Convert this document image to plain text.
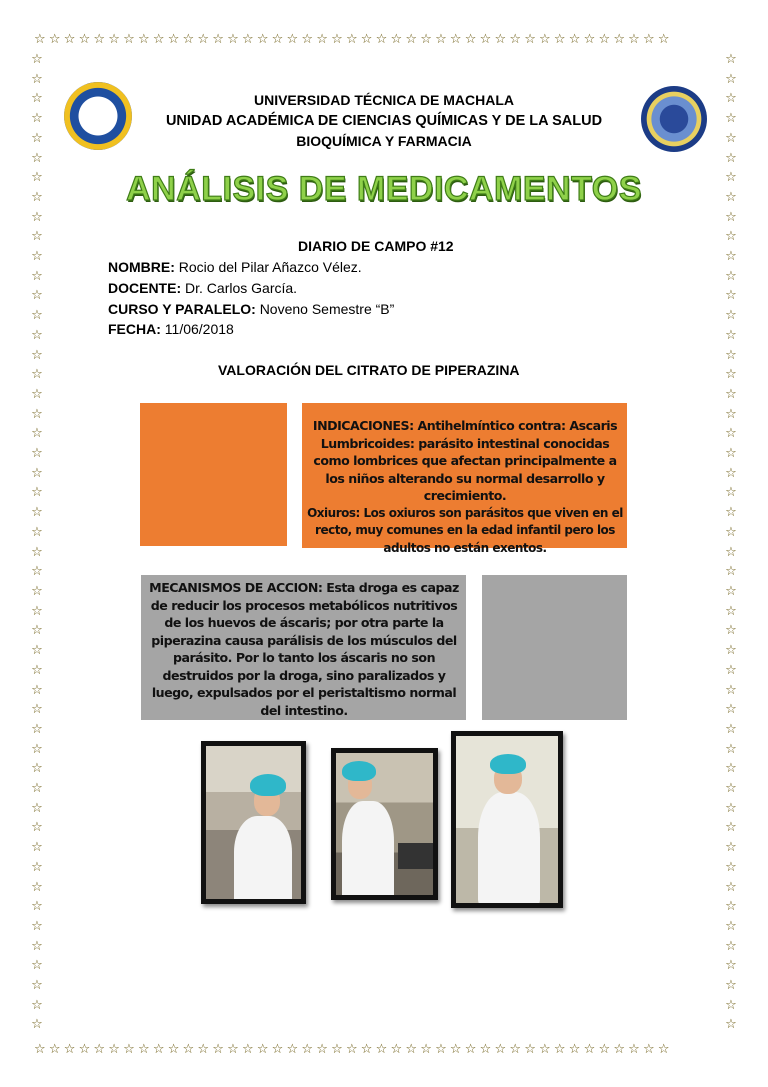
☆☆☆☆☆☆☆☆☆☆☆☆☆☆☆☆☆☆☆☆☆☆☆☆☆☆☆☆☆☆☆☆☆☆☆☆☆☆☆☆☆☆☆
☆☆☆☆☆☆☆☆☆☆☆☆☆☆☆☆☆☆☆☆☆☆☆☆☆☆☆☆☆☆☆☆☆☆☆☆☆☆☆☆☆☆☆
☆
☆
☆
☆
☆
☆
☆
☆
☆
☆
☆
☆
☆
☆
☆
☆
☆
☆
☆
☆
☆
☆
☆
☆
☆
☆
☆
☆
☆
☆
☆
☆
☆
☆
☆
☆
☆
☆
☆
☆
☆
☆
☆
☆
☆
☆
☆
☆
☆
☆
☆
☆
☆
☆
☆
☆
☆
☆
☆
☆
☆
☆
☆
☆
☆
☆
☆
☆
☆
☆
☆
☆
☆
☆
☆
☆
☆
☆
☆
☆
☆
☆
☆
☆
☆
☆
☆
☆
☆
☆
☆
☆
☆
☆
☆
☆
☆
☆
☆
☆
UNIVERSIDAD TÉCNICA DE MACHALA
UNIDAD ACADÉMICA DE CIENCIAS QUÍMICAS Y DE LA SALUD
BIOQUÍMICA Y FARMACIA
ANÁLISIS DE MEDICAMENTOS
DIARIO DE CAMPO #12
NOMBRE: Rocio del Pilar Añazco Vélez.
DOCENTE: Dr. Carlos García.
CURSO Y PARALELO: Noveno Semestre “B”
FECHA: 11/06/2018
VALORACIÓN DEL CITRATO DE PIPERAZINA
INDICACIONES: Antihelmíntico contra: Ascaris Lumbricoides: parásito intestinal conocidas como lombrices que afectan principalmente a los niños alterando su normal desarrollo y crecimiento.
Oxiuros: Los oxiuros son parásitos que viven en el recto, muy comunes en la edad infantil pero los adultos no están exentos.
MECANISMOS DE ACCION: Esta droga es capaz de reducir los procesos metabólicos nutritivos de los huevos de áscaris; por otra parte la piperazina causa parálisis de los músculos del parásito. Por lo tanto los áscaris no son destruidos por la droga, sino paralizados y luego, expulsados por el peristaltismo normal del intestino.
